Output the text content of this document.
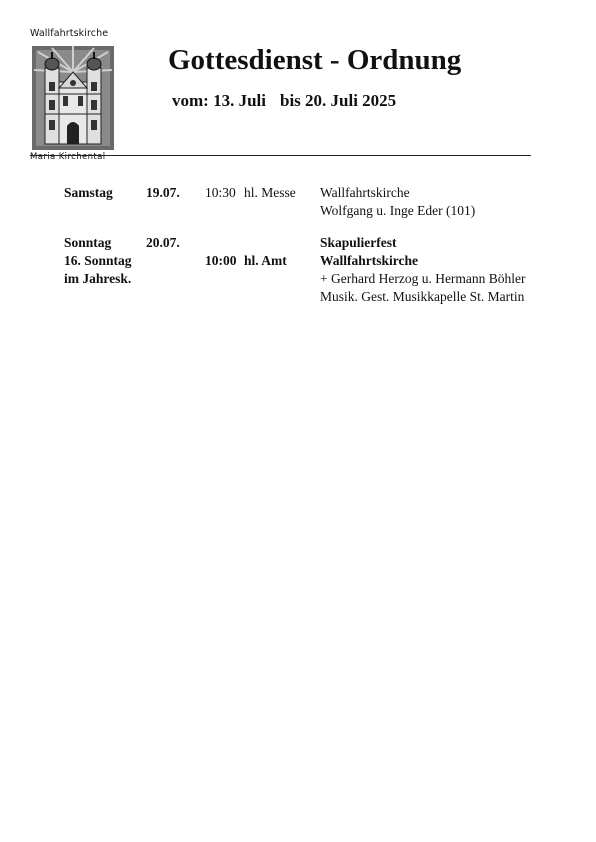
Wallfahrtskirche
Maria Kirchental
Gottesdienst - Ordnung
vom: 13. Juli bis 20. Juli 2025
Samstag 19.07. 10:30 hl. Messe Wallfahrtskirche
Wolfgang u. Inge Eder (101)
Sonntag
16. Sonntag
im Jahresk.
20.07.
10:00 hl. Amt
Skapulierfest
Wallfahrtskirche
+ Gerhard Herzog u. Hermann Böhler
Musik. Gest. Musikkapelle St. Martin
